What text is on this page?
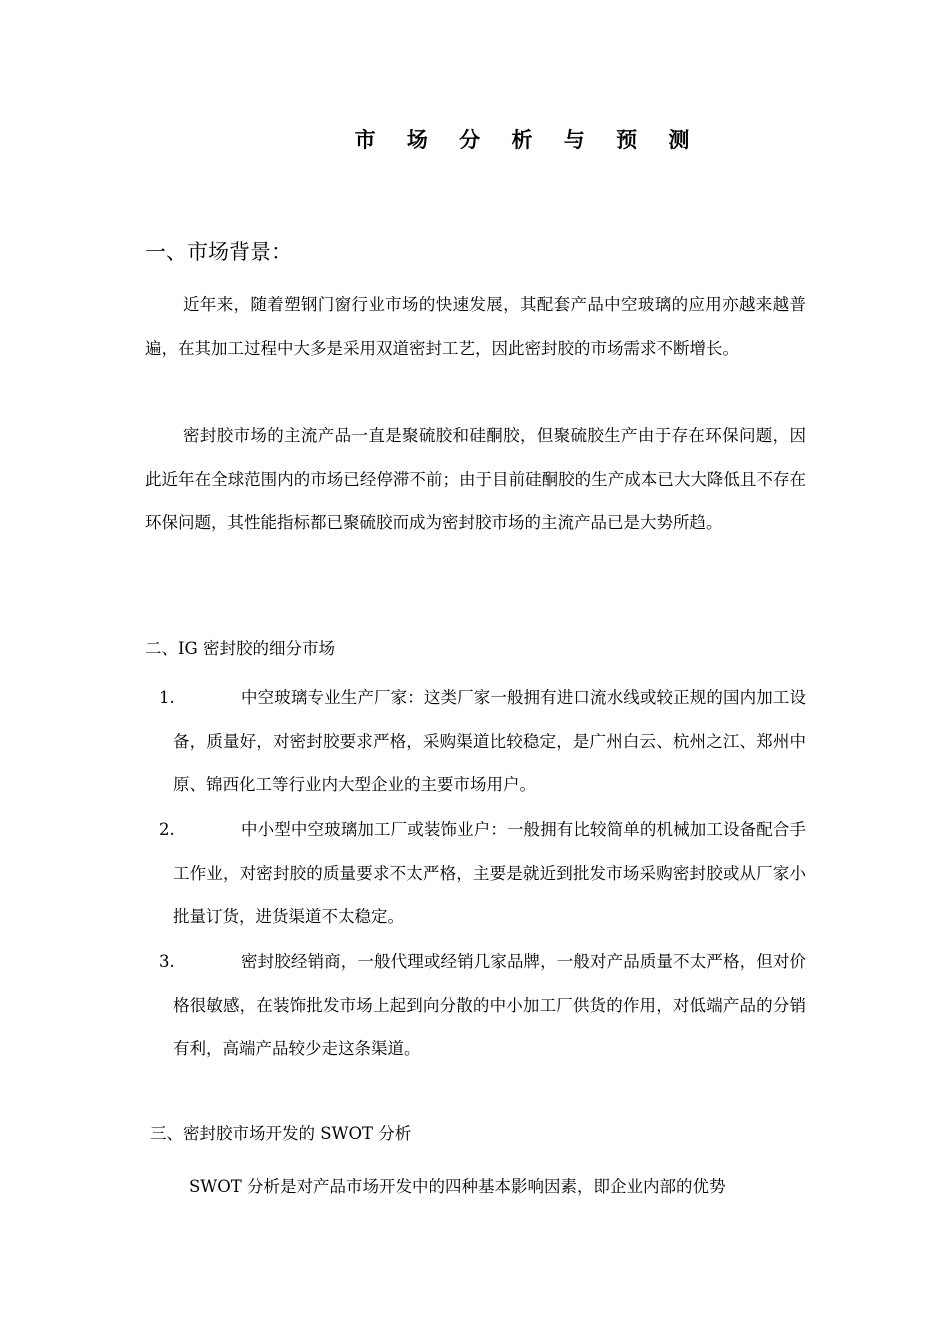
市 场 分 析 与 预 测
一、市场背景：

近年来，随着塑钢门窗行业市场的快速发展，其配套产品中空玻璃的应用亦越来越普遍，在其加工过程中大多是采用双道密封工艺，因此密封胶的市场需求不断增长。

密封胶市场的主流产品一直是聚硫胶和硅酮胶，但聚硫胶生产由于存在环保问题，因此近年在全球范围内的市场已经停滞不前；由于目前硅酮胶的生产成本已大大降低且不存在环保问题，其性能指标都已聚硫胶而成为密封胶市场的主流产品已是大势所趋。

二、IG 密封胶的细分市场
1.	中空玻璃专业生产厂家：这类厂家一般拥有进口流水线或较正规的国内加工设备，质量好，对密封胶要求严格，采购渠道比较稳定，是广州白云、杭州之江、郑州中原、锦西化工等行业内大型企业的主要市场用户。
2.	中小型中空玻璃加工厂或装饰业户：一般拥有比较简单的机械加工设备配合手工作业，对密封胶的质量要求不太严格，主要是就近到批发市场采购密封胶或从厂家小批量订货，进货渠道不太稳定。
3.	密封胶经销商，一般代理或经销几家品牌，一般对产品质量不太严格，但对价格很敏感，在装饰批发市场上起到向分散的中小加工厂供货的作用，对低端产品的分销有利，高端产品较少走这条渠道。
三、密封胶市场开发的 SWOT 分析
SWOT 分析是对产品市场开发中的四种基本影响因素，即企业内部的优势
